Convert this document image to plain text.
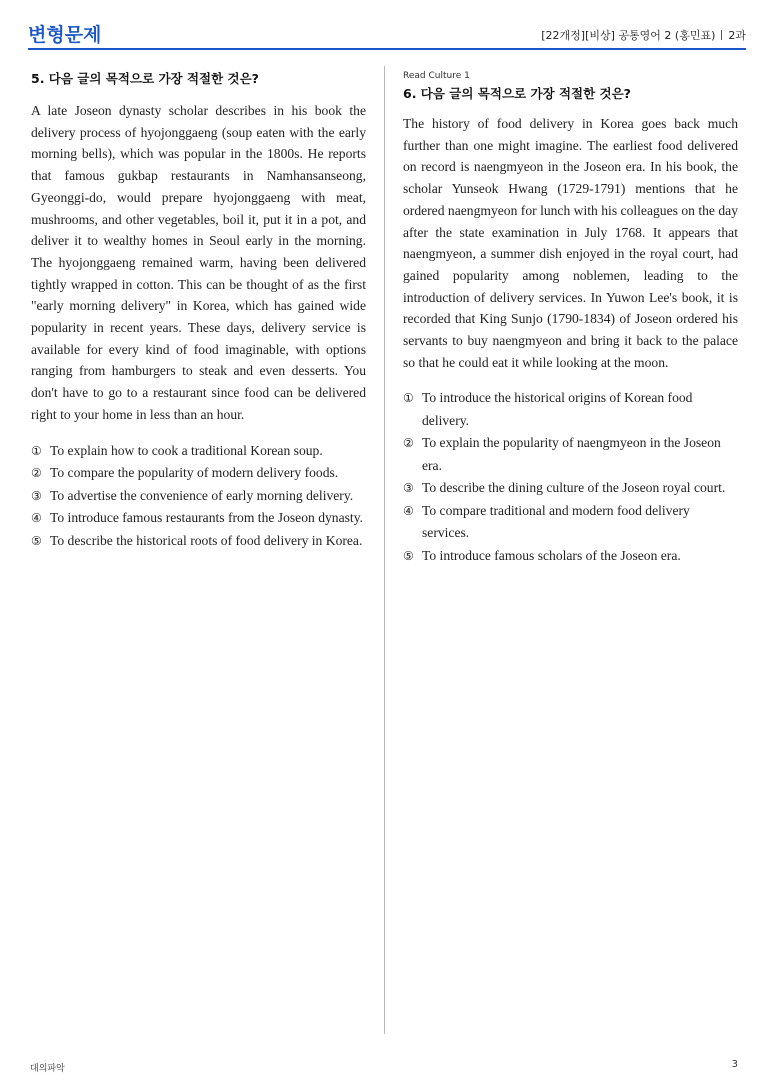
변형문제	[22개정][비상] 공통영어 2 (홍민표) 2과
5. 다음 글의 목적으로 가장 적절한 것은?

A late Joseon dynasty scholar describes in his book the delivery process of hyojonggaeng (soup eaten with the early morning bells), which was popular in the 1800s. He reports that famous gukbap restaurants in Namhansanseong, Gyeonggi-do, would prepare hyojonggaeng with meat, mushrooms, and other vegetables, boil it, put it in a pot, and deliver it to wealthy homes in Seoul early in the morning. The hyojonggaeng remained warm, having been delivered tightly wrapped in cotton. This can be thought of as the first "early morning delivery" in Korea, which has gained wide popularity in recent years. These days, delivery service is available for every kind of food imaginable, with options ranging from hamburgers to steak and even desserts. You don't have to go to a restaurant since food can be delivered right to your home in less than an hour.

① To explain how to cook a traditional Korean soup.
② To compare the popularity of modern delivery foods.
③ To advertise the convenience of early morning delivery.
④ To introduce famous restaurants from the Joseon dynasty.
⑤ To describe the historical roots of food delivery in Korea.
Read Culture 1
6. 다음 글의 목적으로 가장 적절한 것은?

The history of food delivery in Korea goes back much further than one might imagine. The earliest food delivered on record is naengmyeon in the Joseon era. In his book, the scholar Yunseok Hwang (1729-1791) mentions that he ordered naengmyeon for lunch with his colleagues on the day after the state examination in July 1768. It appears that naengmyeon, a summer dish enjoyed in the royal court, had gained popularity among noblemen, leading to the introduction of delivery services. In Yuwon Lee's book, it is recorded that King Sunjo (1790-1834) of Joseon ordered his servants to buy naengmyeon and bring it back to the palace so that he could eat it while looking at the moon.

① To introduce the historical origins of Korean food delivery.
② To explain the popularity of naengmyeon in the Joseon era.
③ To describe the dining culture of the Joseon royal court.
④ To compare traditional and modern food delivery services.
⑤ To introduce famous scholars of the Joseon era.
대의파악	3
